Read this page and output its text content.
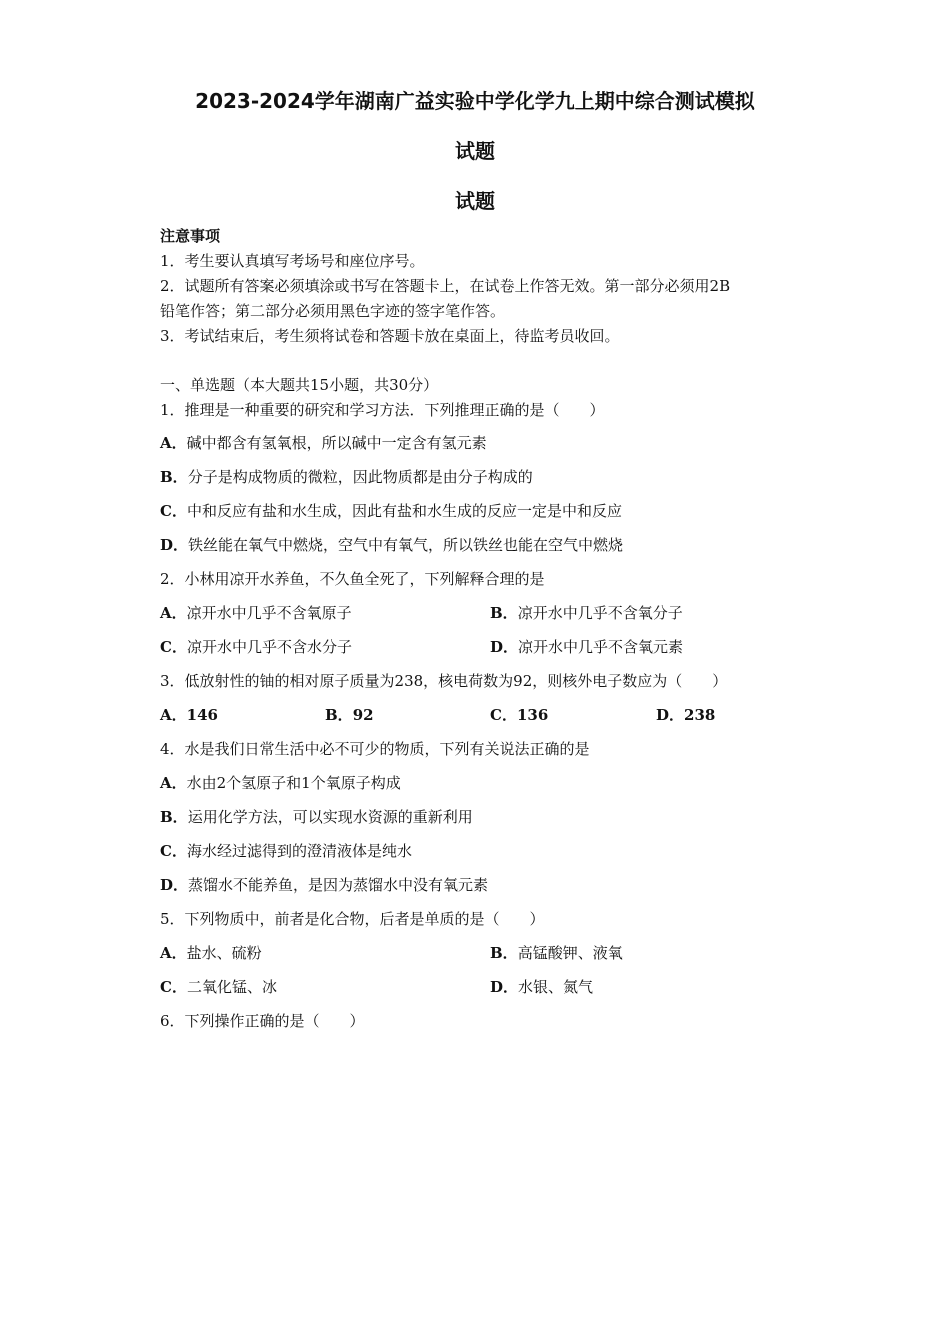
2023-2024学年湖南广益实验中学化学九上期中综合测试模拟
试题
试题
注意事项
1．考生要认真填写考场号和座位序号。
2．试题所有答案必须填涂或书写在答题卡上，在试卷上作答无效。第一部分必须用2B
铅笔作答；第二部分必须用黑色字迹的签字笔作答。
3．考试结束后，考生须将试卷和答题卡放在桌面上，待监考员收回。
一、单选题（本大题共15小题，共30分）
1．推理是一种重要的研究和学习方法．下列推理正确的是（　　）
A．碱中都含有氢氧根，所以碱中一定含有氢元素
B．分子是构成物质的微粒，因此物质都是由分子构成的
C．中和反应有盐和水生成，因此有盐和水生成的反应一定是中和反应
D．铁丝能在氧气中燃烧，空气中有氧气，所以铁丝也能在空气中燃烧
2．小林用凉开水养鱼，不久鱼全死了，下列解释合理的是
A．凉开水中几乎不含氧原子	B．凉开水中几乎不含氧分子
C．凉开水中几乎不含水分子	D．凉开水中几乎不含氧元素
3．低放射性的铀的相对原子质量为238，核电荷数为92，则核外电子数应为（　　）
A．146	B．92	C．136	D．238
4．水是我们日常生活中必不可少的物质，下列有关说法正确的是
A．水由2个氢原子和1个氧原子构成
B．运用化学方法，可以实现水资源的重新利用
C．海水经过滤得到的澄清液体是纯水
D．蒸馏水不能养鱼，是因为蒸馏水中没有氧元素
5．下列物质中，前者是化合物，后者是单质的是（　　）
A．盐水、硫粉	B．高锰酸钾、液氧
C．二氧化锰、冰	D．水银、氮气
6．下列操作正确的是（　　）
